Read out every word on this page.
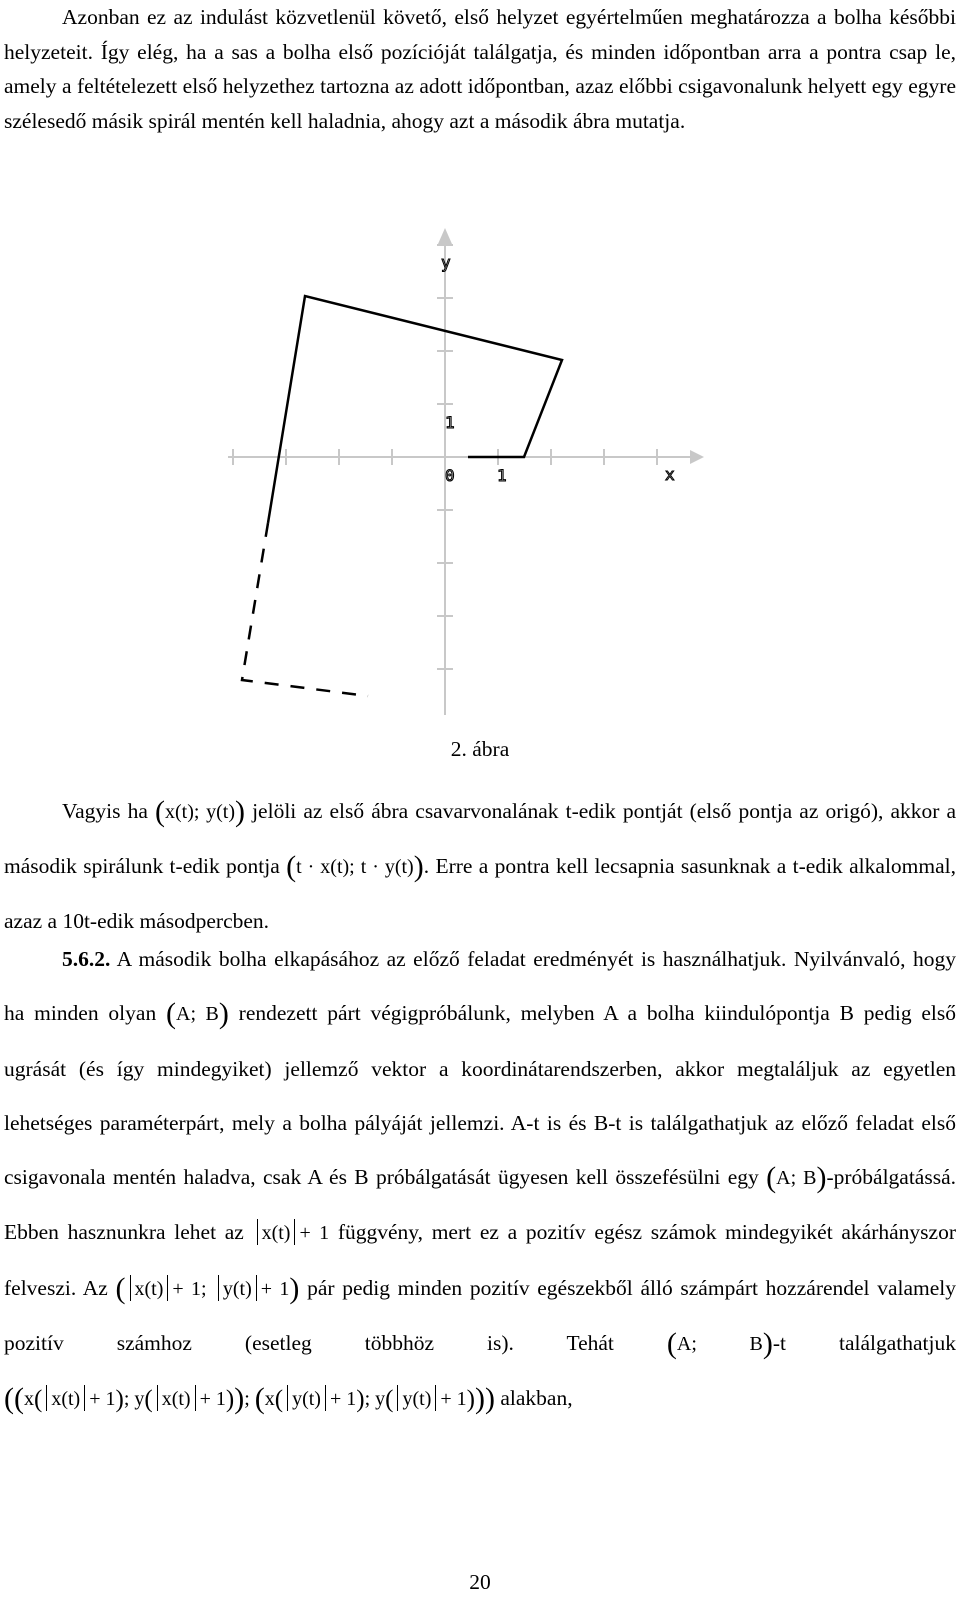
Azonban ez az indulást közvetlenül követő, első helyzet egyértelműen meghatározza a bolha későbbi helyzeteit. Így elég, ha a sas a bolha első pozícióját találgatja, és minden időpontban arra a pontra csap le, amely a feltételezett első helyzethez tartozna az adott időpontban, azaz előbbi csigavonalunk helyett egy egyre szélesedő másik spirál mentén kell haladnia, ahogy azt a második ábra mutatja.

y
x
0	1
1
2. ábra

Vagyis ha (x(t); y(t)) jelöli az első ábra csavarvonalának t-edik pontját (első pontja az origó), akkor a második spirálunk t-edik pontja (t · x(t); t · y(t)). Erre a pontra kell lecsapnia sasunknak a t-edik alkalommal, azaz a 10t-edik másodpercben.

5.6.2. A második bolha elkapásához az előző feladat eredményét is használhatjuk. Nyilvánvaló, hogy ha minden olyan (A; B) rendezett párt végigpróbálunk, melyben A a bolha kiindulópontja B pedig első ugrását (és így mindegyiket) jellemző vektor a koordinátarendszerben, akkor megtaláljuk az egyetlen lehetséges paraméterpárt, mely a bolha pályáját jellemzi. A-t is és B-t is találgathatjuk az előző feladat első csigavonala mentén haladva, csak A és B próbálgatását ügyesen kell összefésülni egy (A; B)-próbálgatássá. Ebben hasznunkra lehet az x(t) + 1 függvény, mert ez a pozitív egész számok mindegyikét akárhányszor felveszi. Az ( x(t) + 1; y(t) + 1) pár pedig minden pozitív egészekből álló számpárt hozzárendel valamely pozitív számhoz (esetleg többhöz is). Tehát (A; B)-t találgathatjuk ((x( x(t) + 1); y( x(t) + 1)); (x( y(t) + 1); y( y(t) + 1))) alakban,

20
